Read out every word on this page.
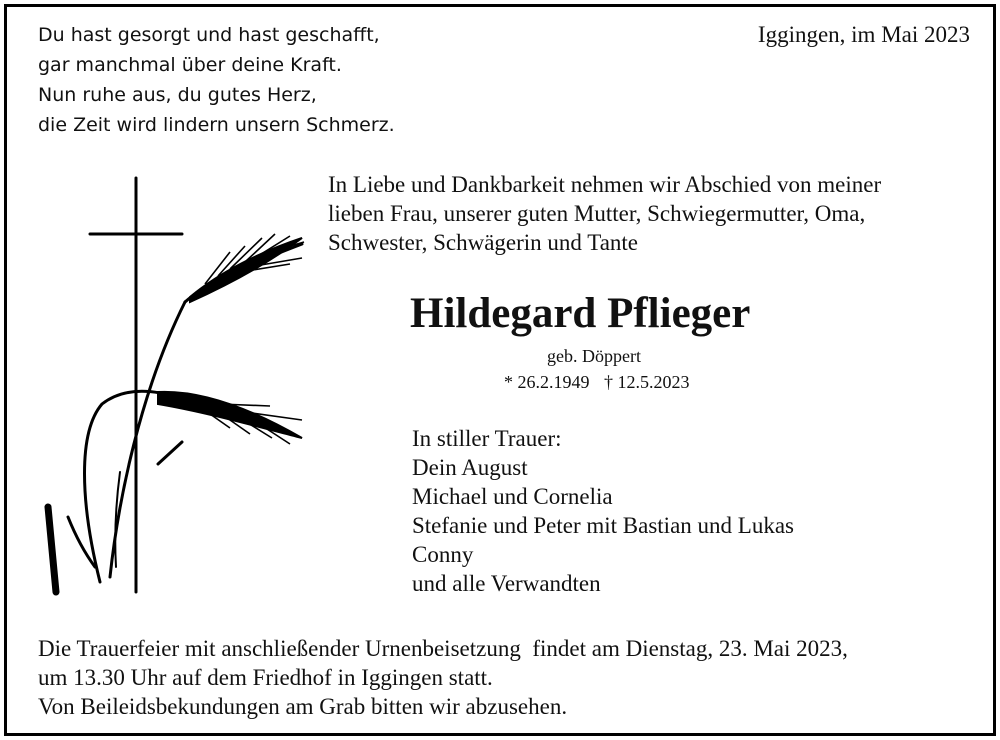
Du hast gesorgt und hast geschafft,
gar manchmal über deine Kraft.
Nun ruhe aus, du gutes Herz,
die Zeit wird lindern unsern Schmerz.
Iggingen, im Mai 2023
In Liebe und Dankbarkeit nehmen wir Abschied von meiner
lieben Frau, unserer guten Mutter, Schwiegermutter, Oma,
Schwester, Schwägerin und Tante
Hildegard Pflieger
geb. Döppert
* 26.2.1949 † 12.5.2023
In stiller Trauer:
Dein August
Michael und Cornelia
Stefanie und Peter mit Bastian und Lukas
Conny
und alle Verwandten
Die Trauerfeier mit anschließender Urnenbeisetzung  findet am Dienstag, 23. Mai 2023,
um 13.30 Uhr auf dem Friedhof in Iggingen statt.
Von Beileidsbekundungen am Grab bitten wir abzusehen.
